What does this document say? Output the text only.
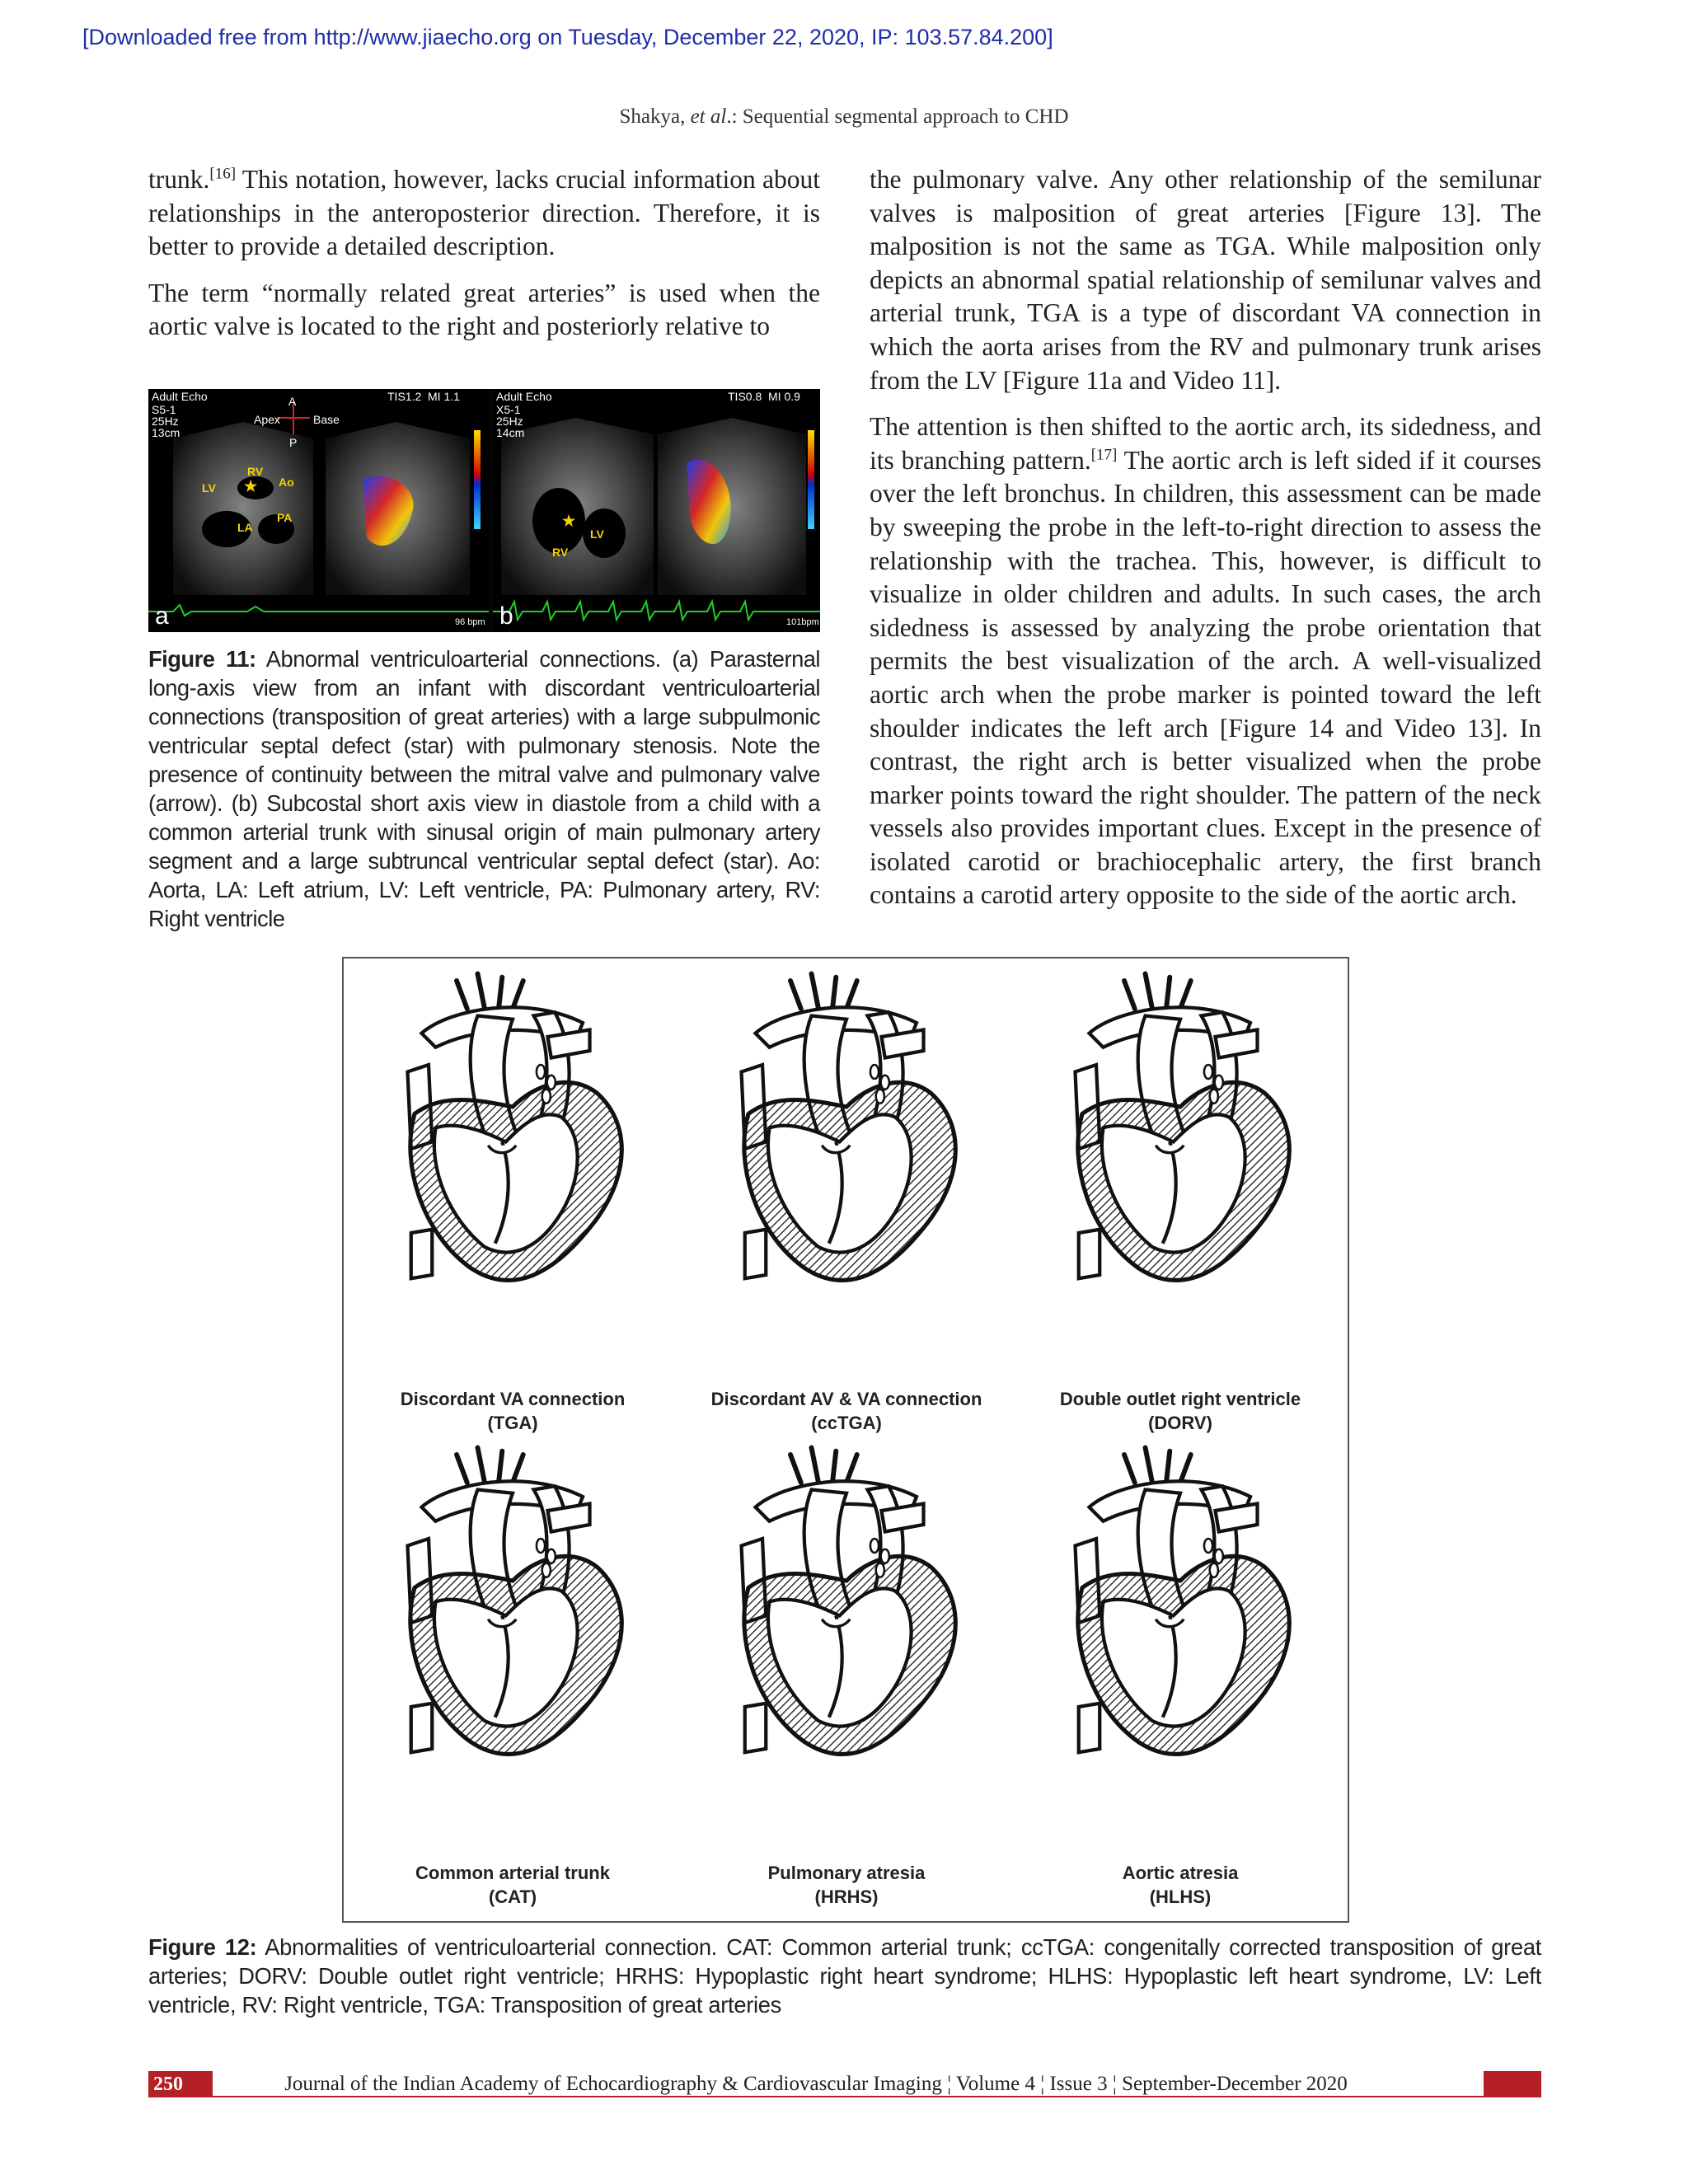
[Downloaded free from http://www.jiaecho.org on Tuesday, December 22, 2020, IP: 103.57.84.200]
Shakya, et al.: Sequential segmental approach to CHD

trunk.[16] This notation, however, lacks crucial information about relationships in the anteroposterior direction. Therefore, it is better to provide a detailed description.

The term “normally related great arteries” is used when the aortic valve is located to the right and posteriorly relative to

Adult Echo	TIS1.2  MI 1.1
S5-1
25Hz
13cm
A
Apex	Base
P
RV
LV	Ao
LA
PA
★
96 bpm
a
Adult Echo	TIS0.8  MI 0.9
X5-1
25Hz
14cm
LV
RV
★
101bpm
b
Figure 11: Abnormal ventriculoarterial connections. (a) Parasternal long-axis view from an infant with discordant ventriculoarterial connections (transposition of great arteries) with a large subpulmonic ventricular septal defect (star) with pulmonary stenosis. Note the presence of continuity between the mitral valve and pulmonary valve (arrow). (b) Subcostal short axis view in diastole from a child with a common arterial trunk with sinusal origin of main pulmonary artery segment and a large subtruncal ventricular septal defect (star). Ao: Aorta, LA: Left atrium, LV: Left ventricle, PA: Pulmonary artery, RV: Right ventricle

the pulmonary valve. Any other relationship of the semilunar valves is malposition of great arteries [Figure 13]. The malposition is not the same as TGA. While malposition only depicts an abnormal spatial relationship of semilunar valves and arterial trunk, TGA is a type of discordant VA connection in which the aorta arises from the RV and pulmonary trunk arises from the LV [Figure 11a and Video 11].

The attention is then shifted to the aortic arch, its sidedness, and its branching pattern.[17] The aortic arch is left sided if it courses over the left bronchus. In children, this assessment can be made by sweeping the probe in the left-to-right direction to assess the relationship with the trachea. This, however, is difficult to visualize in older children and adults. In such cases, the arch sidedness is assessed by analyzing the probe orientation that permits the best visualization of the arch. A well-visualized aortic arch when the probe marker is pointed toward the left shoulder indicates the left arch [Figure 14 and Video 13]. In contrast, the right arch is better visualized when the probe marker points toward the right shoulder. The pattern of the neck vessels also provides important clues. Except in the presence of isolated carotid or brachiocephalic artery, the first branch contains a carotid artery opposite to the side of the aortic arch.

Discordant VA connection
(TGA)
Discordant AV & VA connection
(ccTGA)
Double outlet right ventricle
(DORV)
Common arterial trunk
(CAT)
Pulmonary atresia
(HRHS)
Aortic atresia
(HLHS)
Figure 12: Abnormalities of ventriculoarterial connection. CAT: Common arterial trunk; ccTGA: congenitally corrected transposition of great arteries; DORV: Double outlet right ventricle; HRHS: Hypoplastic right heart syndrome; HLHS: Hypoplastic left heart syndrome, LV: Left ventricle, RV: Right ventricle, TGA: Transposition of great arteries
250	Journal of the Indian Academy of Echocardiography & Cardiovascular Imaging ¦ Volume 4 ¦ Issue 3 ¦ September-December 2020
